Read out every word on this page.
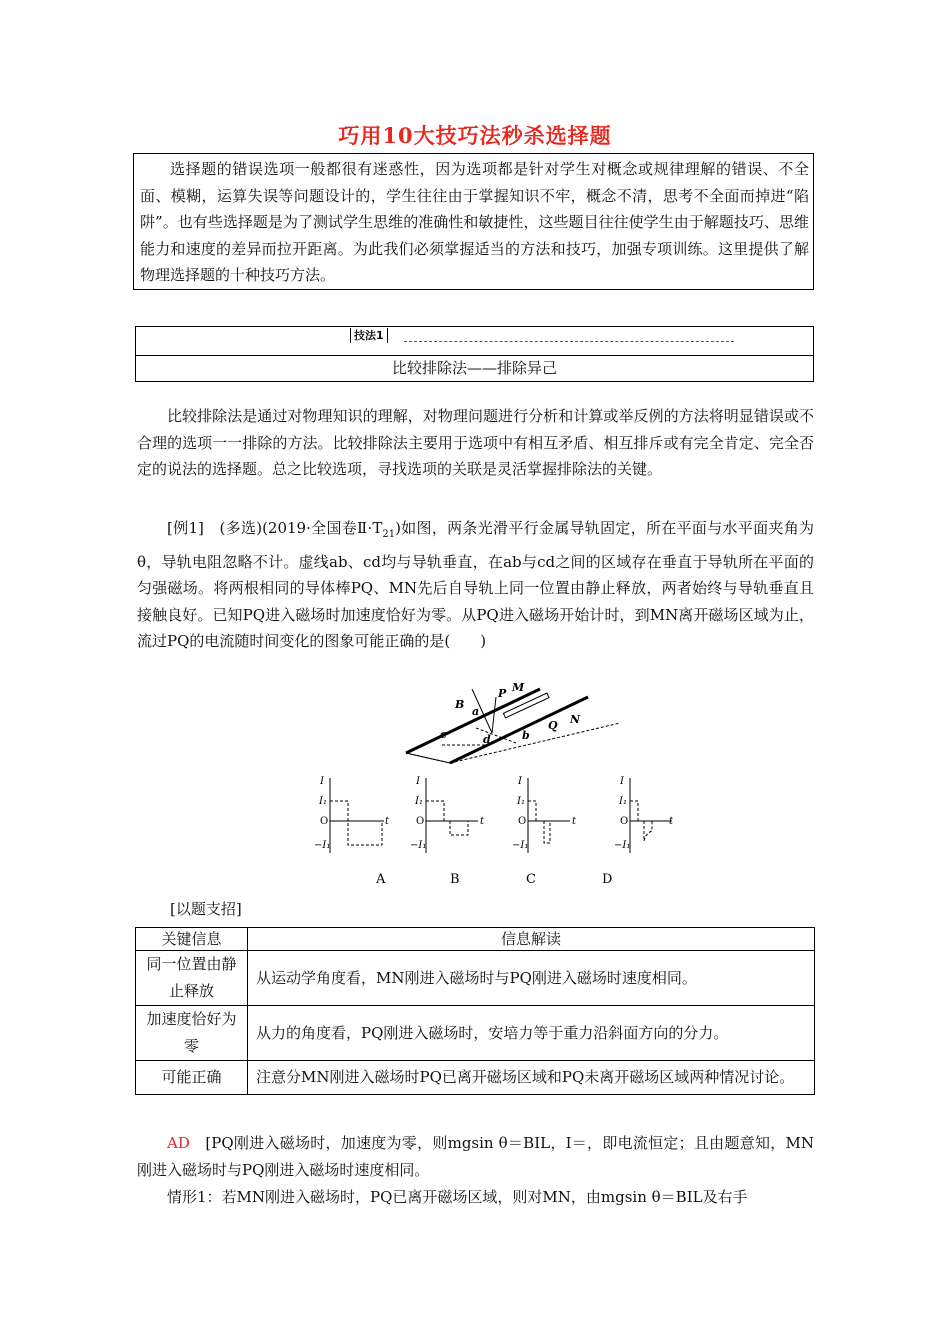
巧用10大技巧法秒杀选择题

选择题的错误选项一般都很有迷惑性，因为选项都是针对学生对概念或规律理解的错误、不全面、模糊，运算失误等问题设计的，学生往往由于掌握知识不牢，概念不清，思考不全面而掉进“陷阱”。也有些选择题是为了测试学生思维的准确性和敏捷性，这些题目往往使学生由于解题技巧、思维能力和速度的差异而拉开距离。为此我们必须掌握适当的方法和技巧，加强专项训练。这里提供了解物理选择题的十种技巧方法。

技法1
比较排除法——排除异己

比较排除法是通过对物理知识的理解，对物理问题进行分析和计算或举反例的方法将明显错误或不合理的选项一一排除的方法。比较排除法主要用于选项中有相互矛盾、相互排斥或有完全肯定、完全否定的说法的选择题。总之比较选项，寻找选项的关联是灵活掌握排除法的关键。

[例1]　 (多选)(2019·全国卷$Ⅱ\cdot T_{21}$)如图，两条光滑平行金属导轨固定，所在平面与水平面夹角为θ，导轨电阻忽略不计。虚线ab、cd均与导轨垂直，在ab与cd之间的区域存在垂直于导轨所在平面的匀强磁场。将两根相同的导体棒PQ、MN先后自导轨上同一位置由静止释放，两者始终与导轨垂直且接触良好。已知PQ进入磁场时加速度恰好为零。从PQ进入磁场开始计时，到MN离开磁场区域为止，流过PQ的电流随时间变化的图象可能正确的是(　　)

B
a
P M
N
Q
b
c	d
I
t
O
I₁
−I₁
A
I
t
O
I₁
−I₁
B
I
t
O
I₁
−I₁
C
I
t
O
I₁
−I₁
D
[以题支招]
关键信息	信息解读
同一位置由静止释放	从运动学角度看，MN刚进入磁场时与PQ刚进入磁场时速度相同。
加速度恰好为零	从力的角度看，PQ刚进入磁场时，安培力等于重力沿斜面方向的分力。
可能正确	注意分MN刚进入磁场时PQ已离开磁场区域和PQ未离开磁场区域两种情况讨论。

AD　 [PQ刚进入磁场时，加速度为零，则mgsin θ＝BIL，I＝，即电流恒定；且由题意知，MN刚进入磁场时与PQ刚进入磁场时速度相同。

情形1：若MN刚进入磁场时，PQ已离开磁场区域，则对MN，由mgsin θ＝BIL及右手
